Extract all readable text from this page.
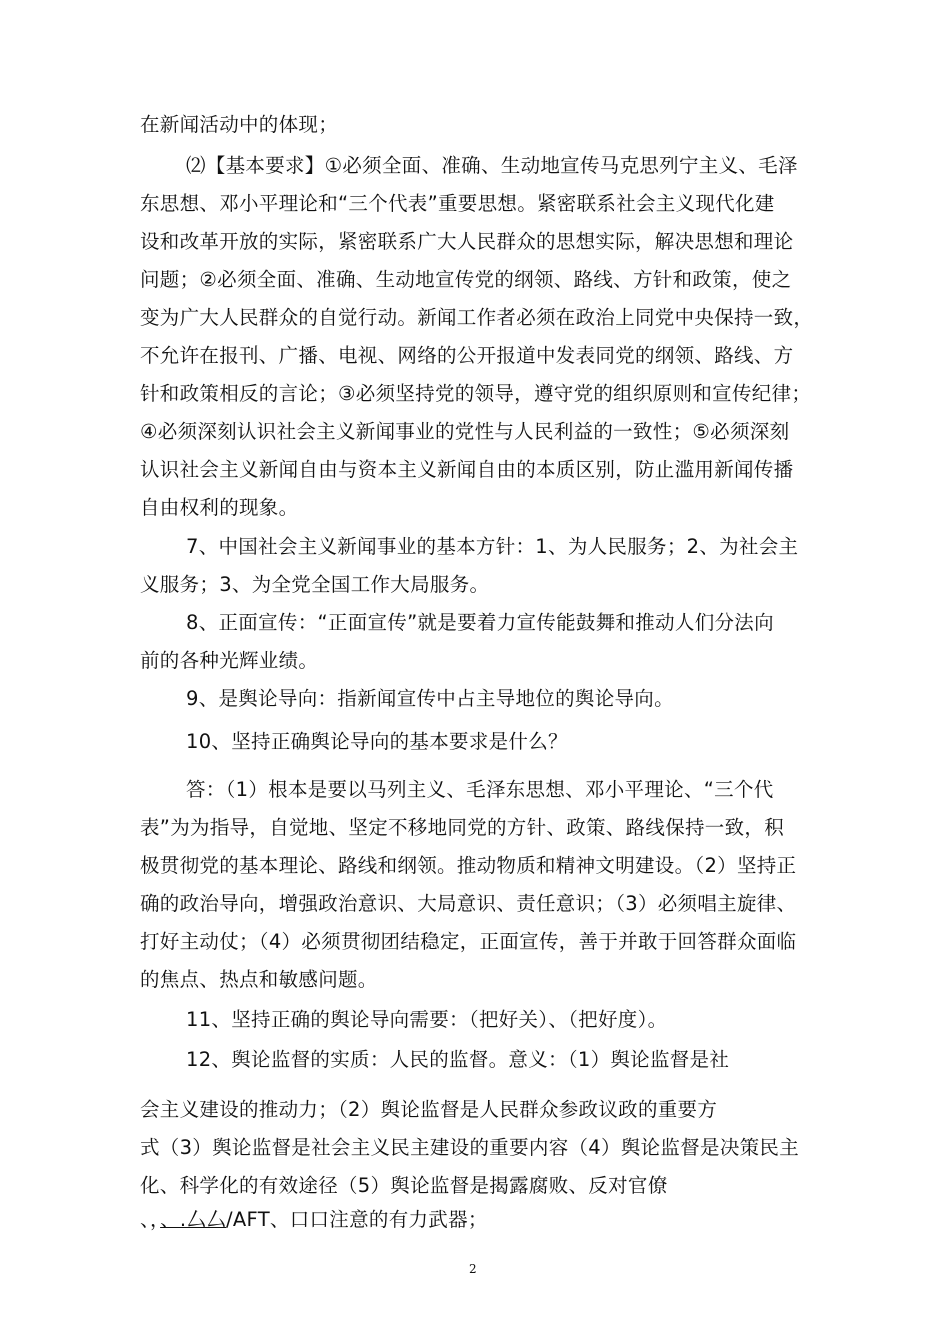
在新闻活动中的体现；
⑵【基本要求】①必须全面、准确、生动地宣传马克思列宁主义、毛泽
东思想、邓小平理论和“三个代表”重要思想。紧密联系社会主义现代化建
设和改革开放的实际，紧密联系广大人民群众的思想实际，解决思想和理论
问题；②必须全面、准确、生动地宣传党的纲领、路线、方针和政策，使之
变为广大人民群众的自觉行动。新闻工作者必须在政治上同党中央保持一致，
不允许在报刊、广播、电视、网络的公开报道中发表同党的纲领、路线、方
针和政策相反的言论；③必须坚持党的领导，遵守党的组织原则和宣传纪律；
④必须深刻认识社会主义新闻事业的党性与人民利益的一致性；⑤必须深刻
认识社会主义新闻自由与资本主义新闻自由的本质区别，防止滥用新闻传播
自由权利的现象。
7、中国社会主义新闻事业的基本方针：1、为人民服务；2、为社会主
义服务；3、为全党全国工作大局服务。
8、正面宣传：“正面宣传”就是要着力宣传能鼓舞和推动人们分法向
前的各种光辉业绩。
9、是舆论导向：指新闻宣传中占主导地位的舆论导向。
10、坚持正确舆论导向的基本要求是什么？
答：（1）根本是要以马列主义、毛泽东思想、邓小平理论、“三个代
表”为为指导，自觉地、坚定不移地同党的方针、政策、路线保持一致，积
极贯彻党的基本理论、路线和纲领。推动物质和精神文明建设。（2）坚持正
确的政治导向，增强政治意识、大局意识、责任意识；（3）必须唱主旋律、
打好主动仗；（4）必须贯彻团结稳定，正面宣传，善于并敢于回答群众面临
的焦点、热点和敏感问题。
11、坚持正确的舆论导向需要：（把好关）、（把好度）。
12、舆论监督的实质：人民的监督。意义：（1）舆论监督是社
会主义建设的推动力；（2）舆论监督是人民群众参政议政的重要方
式（3）舆论监督是社会主义民主建设的重要内容（4）舆论监督是决策民主
化、科学化的有效途径（5）舆论监督是揭露腐败、反对官僚
、，、.厶厶/AFT、口口注意的有力武器；
2
